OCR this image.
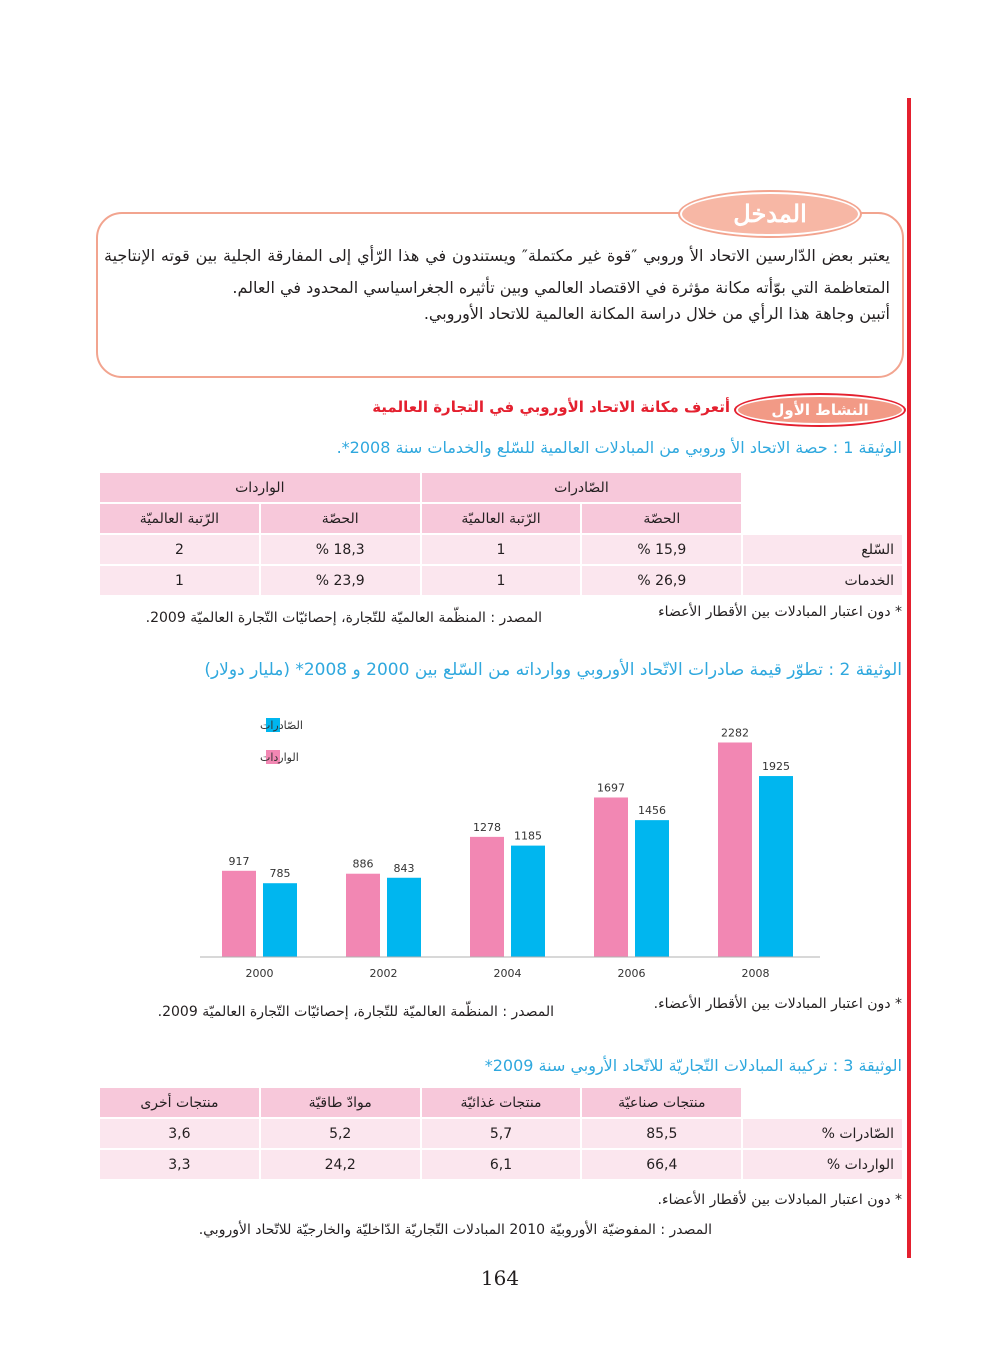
المدخل

يعتبر بعض الدّارسين الاتحاد الأ وروبي ″قوة غير مكتملة″ ويستندون في هذا الرّأي إلى المفارقة الجلية بين قوته الإنتاجية المتعاظمة التي بوّأته مكانة مؤثرة في الاقتصاد العالمي وبين تأثيره الجغراسياسي المحدود في العالم.

أتبين وجاهة هذا الرأي من خلال دراسة المكانة العالمية للاتحاد الأوروبي.

النشاط الأول
أتعرف مكانة الاتحاد الأوروبي في التجارة العالمية
الوثيقة 1 : حصة الاتحاد الأ وروبي من المبادلات العالمية للسّلع والخدمات سنة 2008*.
	الصّادرات		الواردات	
	الحصّة	الرّتبة العالميّة	الحصّة	الرّتبة العالميّة
السّلع	15,9 %	1	18,3 %	2
الخدمات	26,9 %	1	23,9 %	1
* دون اعتبار المبادلات بين الأقطار الأعضاء
المصدر : المنظّمة العالميّة للتّجارة، إحصائيّات التّجارة العالميّة 2009.
الوثيقة 2 : تطوّر قيمة صادرات الاتّحاد الأوروبي ووارداته من السّلع بين 2000 و 2008* (مليار دولار)
917
785
2000
886 843
2002
1278
1185
2004
1697
1456
2006
2282
1925
2008
الصّادرات
الواردات
* دون اعتبار المبادلات بين الأقطار الأعضاء.
المصدر : المنظّمة العالميّة للتّجارة، إحصائيّات التّجارة العالميّة 2009.
الوثيقة 3 : تركيبة المبادلات التّجاريّة للاتّحاد الأروبي سنة 2009*
	منتجات صناعيّة	منتجات غذائيّة	موادّ طاقيّة	منتجات أخرى
الصّادرات %	85,5	5,7	5,2	3,6
الواردات %	66,4	6,1	24,2	3,3
* دون اعتبار المبادلات بين لأقطار الأعضاء.
المصدر : المفوضيّة الأوروبيّة 2010 المبادلات التّجاريّة الدّاخليّة والخارجيّة للاتّحاد الأوروبي.
164
